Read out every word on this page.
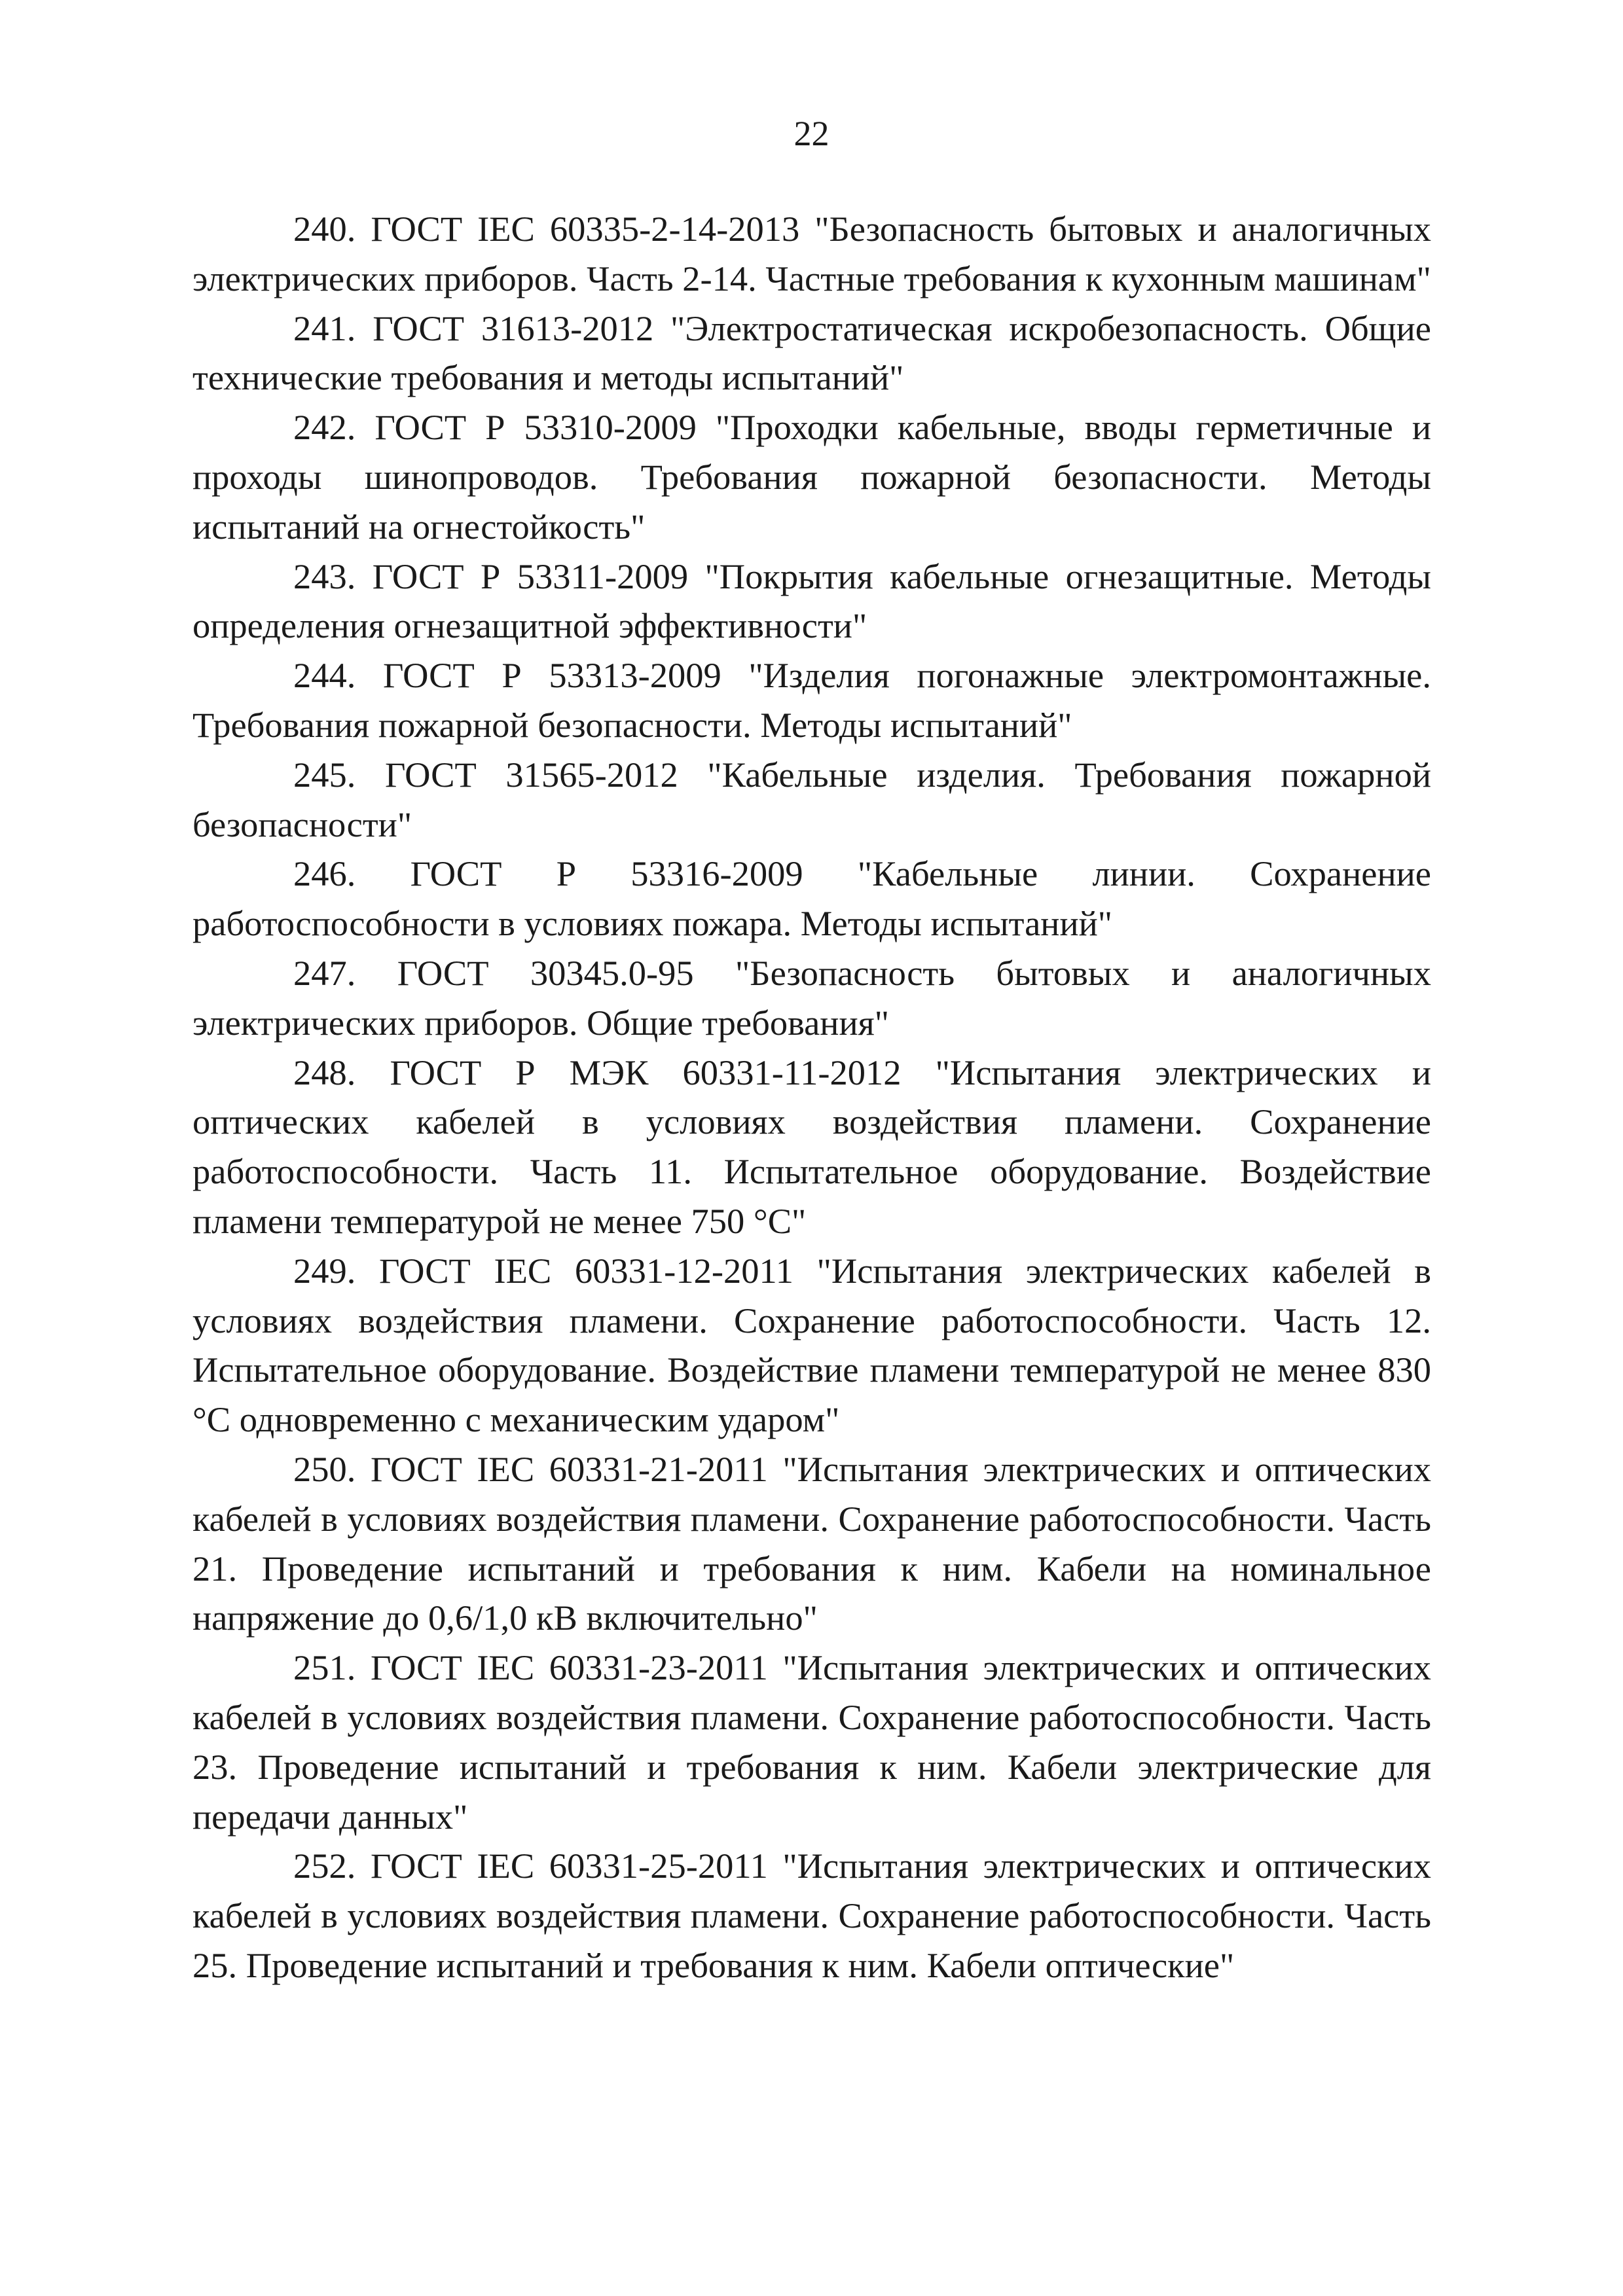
22

240. ГОСТ IEC 60335-2-14-2013 "Безопасность бытовых и аналогичных электрических приборов. Часть 2-14. Частные требования к кухонным машинам"

241. ГОСТ 31613-2012 "Электростатическая искробезопасность. Общие технические требования и методы испытаний"

242. ГОСТ Р 53310-2009 "Проходки кабельные, вводы герметичные и проходы шинопроводов. Требования пожарной безопасности. Методы испытаний на огнестойкость"

243. ГОСТ Р 53311-2009 "Покрытия кабельные огнезащитные. Методы определения огнезащитной эффективности"

244. ГОСТ Р 53313-2009 "Изделия погонажные электромонтажные. Требования пожарной безопасности. Методы испытаний"

245. ГОСТ 31565-2012 "Кабельные изделия. Требования пожарной безопасности"

246. ГОСТ Р 53316-2009 "Кабельные линии. Сохранение работоспособности в условиях пожара. Методы испытаний"

247. ГОСТ 30345.0-95 "Безопасность бытовых и аналогичных электрических приборов. Общие требования"

248. ГОСТ Р МЭК 60331-11-2012 "Испытания электрических и оптических кабелей в условиях воздействия пламени. Сохранение работоспособности. Часть 11. Испытательное оборудование. Воздействие пламени температурой не менее 750 °С"

249. ГОСТ IEC 60331-12-2011 "Испытания электрических кабелей в условиях воздействия пламени. Сохранение работоспособности. Часть 12. Испытательное оборудование. Воздействие пламени температурой не менее 830 °С одновременно с механическим ударом"

250. ГОСТ IEC 60331-21-2011 "Испытания электрических и оптических кабелей в условиях воздействия пламени. Сохранение работоспособности. Часть 21. Проведение испытаний и требования к ним. Кабели на номинальное напряжение до 0,6/1,0 кВ включительно"

251. ГОСТ IEC 60331-23-2011 "Испытания электрических и оптических кабелей в условиях воздействия пламени. Сохранение работоспособности. Часть 23. Проведение испытаний и требования к ним. Кабели электрические для передачи данных"

252. ГОСТ IEC 60331-25-2011 "Испытания электрических и оптических кабелей в условиях воздействия пламени. Сохранение работоспособности. Часть 25. Проведение испытаний и требования к ним. Кабели оптические"
